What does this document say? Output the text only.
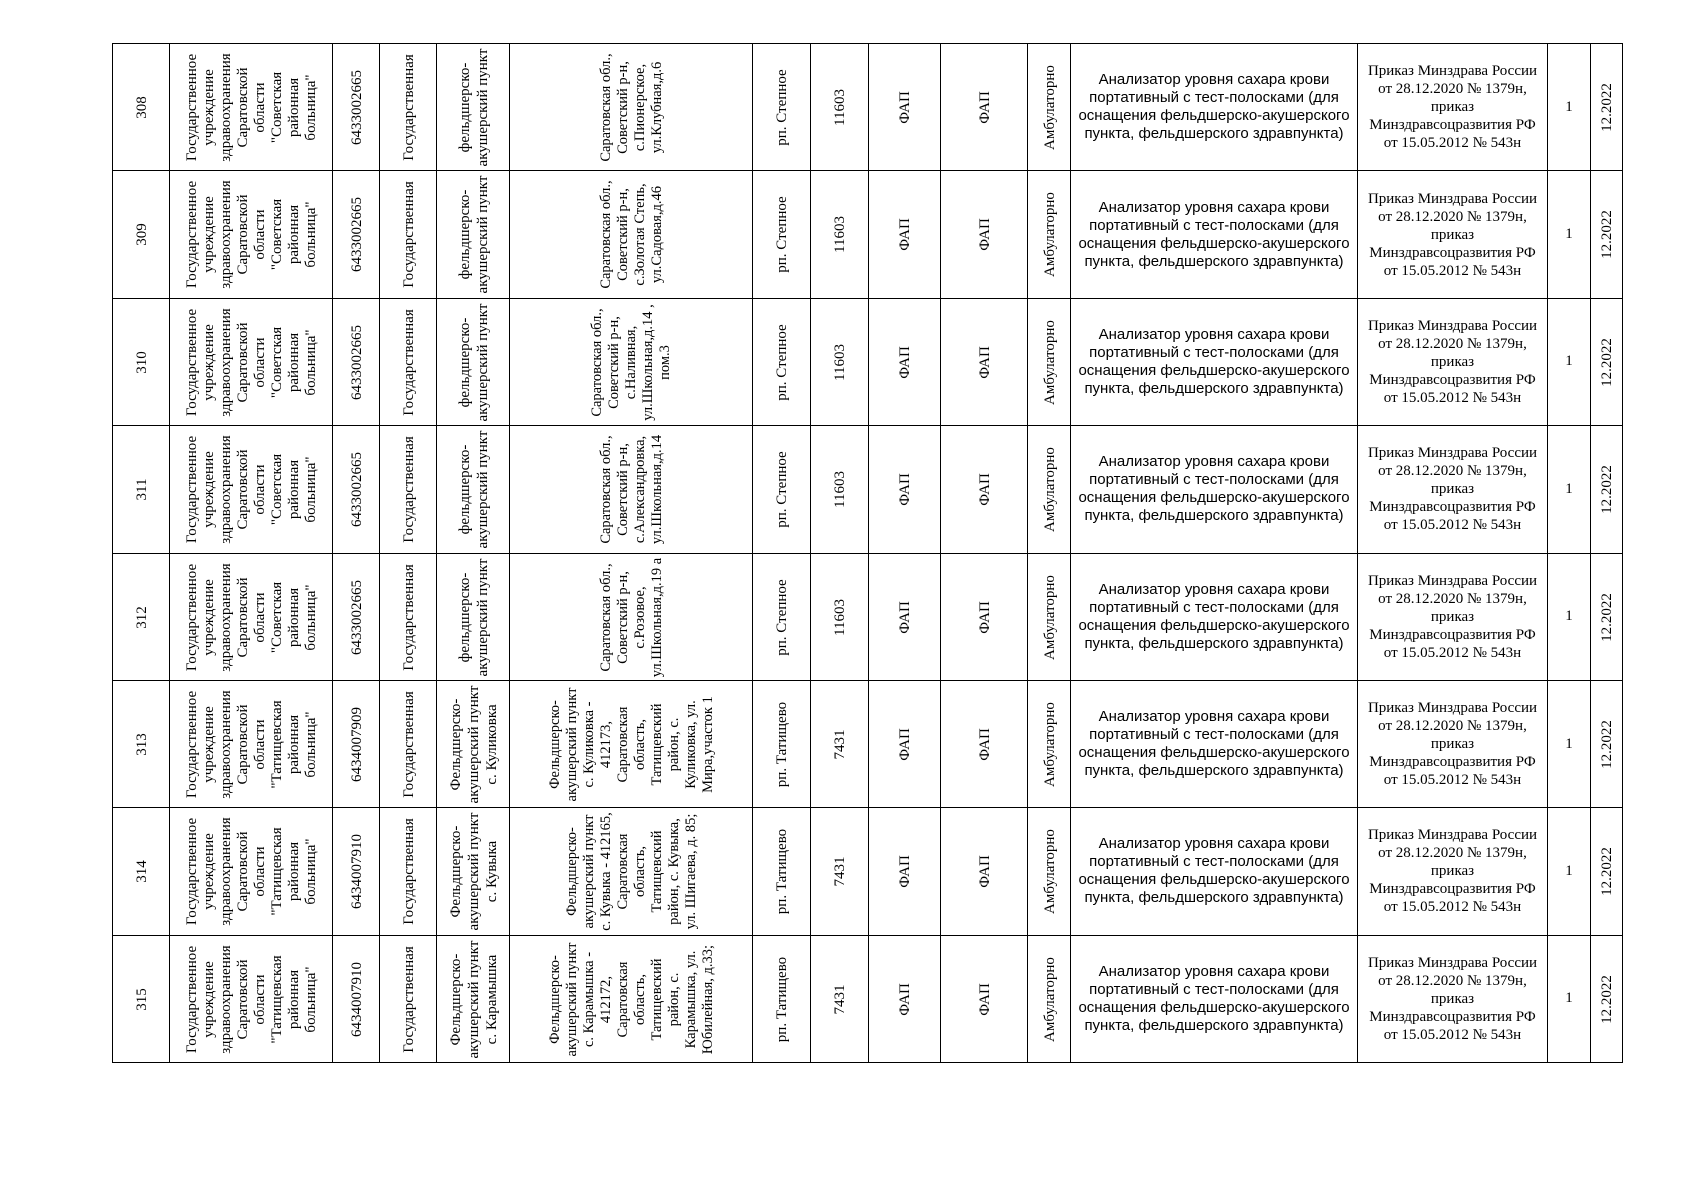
308	Государственное учреждение здравоохранения Саратовской области "Советская районная больница"	6433002665	Государственная	фельдшерско-акушерский пункт	Саратовская обл., Советский р-н, с.Пионерское, ул.Клубная,д.6	рп. Степное	11603	ФАП	ФАП	Амбулаторно	Анализатор уровня сахара крови портативный с тест-полосками (для оснащения фельдшерско-акушерского пункта, фельдшерского здравпункта)	Приказ Минздрава России от 28.12.2020 № 1379н, приказ Минздравсоцразвития РФ от 15.05.2012 № 543н	1	12.2022

309	Государственное учреждение здравоохранения Саратовской области "Советская районная больница"	6433002665	Государственная	фельдшерско-акушерский пункт	Саратовская обл., Советский р-н, с.Золотая Степь, ул.Садовая,д.46	рп. Степное	11603	ФАП	ФАП	Амбулаторно	Анализатор уровня сахара крови портативный с тест-полосками (для оснащения фельдшерско-акушерского пункта, фельдшерского здравпункта)	Приказ Минздрава России от 28.12.2020 № 1379н, приказ Минздравсоцразвития РФ от 15.05.2012 № 543н	1	12.2022

310	Государственное учреждение здравоохранения Саратовской области "Советская районная больница"	6433002665	Государственная	фельдшерско-акушерский пункт	Саратовская обл., Советский р-н, с.Наливная, ул.Школьная,д.14 , пом.3	рп. Степное	11603	ФАП	ФАП	Амбулаторно	Анализатор уровня сахара крови портативный с тест-полосками (для оснащения фельдшерско-акушерского пункта, фельдшерского здравпункта)	Приказ Минздрава России от 28.12.2020 № 1379н, приказ Минздравсоцразвития РФ от 15.05.2012 № 543н	1	12.2022

311	Государственное учреждение здравоохранения Саратовской области "Советская районная больница"	6433002665	Государственная	фельдшерско-акушерский пункт	Саратовская обл., Советский р-н, с.Александровка, ул.Школьная,д.14	рп. Степное	11603	ФАП	ФАП	Амбулаторно	Анализатор уровня сахара крови портативный с тест-полосками (для оснащения фельдшерско-акушерского пункта, фельдшерского здравпункта)	Приказ Минздрава России от 28.12.2020 № 1379н, приказ Минздравсоцразвития РФ от 15.05.2012 № 543н	1	12.2022

312	Государственное учреждение здравоохранения Саратовской области "Советская районная больница"	6433002665	Государственная	фельдшерско-акушерский пункт	Саратовская обл., Советский р-н, с.Розовое, ул.Школьная,д.19 а	рп. Степное	11603	ФАП	ФАП	Амбулаторно	Анализатор уровня сахара крови портативный с тест-полосками (для оснащения фельдшерско-акушерского пункта, фельдшерского здравпункта)	Приказ Минздрава России от 28.12.2020 № 1379н, приказ Минздравсоцразвития РФ от 15.05.2012 № 543н	1	12.2022

313	Государственное учреждение здравоохранения Саратовской области "Татищевская районная больница"	6434007909	Государственная	Фельдшерско-акушерский пункт с. Куликовка	Фельдшерско-акушерский пункт с. Куликовка - 412173, Саратовская область, Татищевский район, с. Куликовка, ул. Мира,участок 1	рп. Татищево	7431	ФАП	ФАП	Амбулаторно	Анализатор уровня сахара крови портативный с тест-полосками (для оснащения фельдшерско-акушерского пункта, фельдшерского здравпункта)	Приказ Минздрава России от 28.12.2020 № 1379н, приказ Минздравсоцразвития РФ от 15.05.2012 № 543н	1	12.2022

314	Государственное учреждение здравоохранения Саратовской области "Татищевская районная больница"	6434007910	Государственная	Фельдшерско-акушерский пункт с. Кувыка	Фельдшерско-акушерский пункт с. Кувыка - 412165, Саратовская область, Татищевский район, с. Кувыка, ул. Шигаева, д. 85;	рп. Татищево	7431	ФАП	ФАП	Амбулаторно	Анализатор уровня сахара крови портативный с тест-полосками (для оснащения фельдшерско-акушерского пункта, фельдшерского здравпункта)	Приказ Минздрава России от 28.12.2020 № 1379н, приказ Минздравсоцразвития РФ от 15.05.2012 № 543н	1	12.2022

315	Государственное учреждение здравоохранения Саратовской области "Татищевская районная больница"	6434007910	Государственная	Фельдшерско-акушерский пункт с. Карамышка	Фельдшерско-акушерский пункт с. Карамышка - 412172, Саратовская область, Татищевский район, с. Карамышка, ул. Юбилейная, д.33;	рп. Татищево	7431	ФАП	ФАП	Амбулаторно	Анализатор уровня сахара крови портативный с тест-полосками (для оснащения фельдшерско-акушерского пункта, фельдшерского здравпункта)	Приказ Минздрава России от 28.12.2020 № 1379н, приказ Минздравсоцразвития РФ от 15.05.2012 № 543н	1	12.2022
